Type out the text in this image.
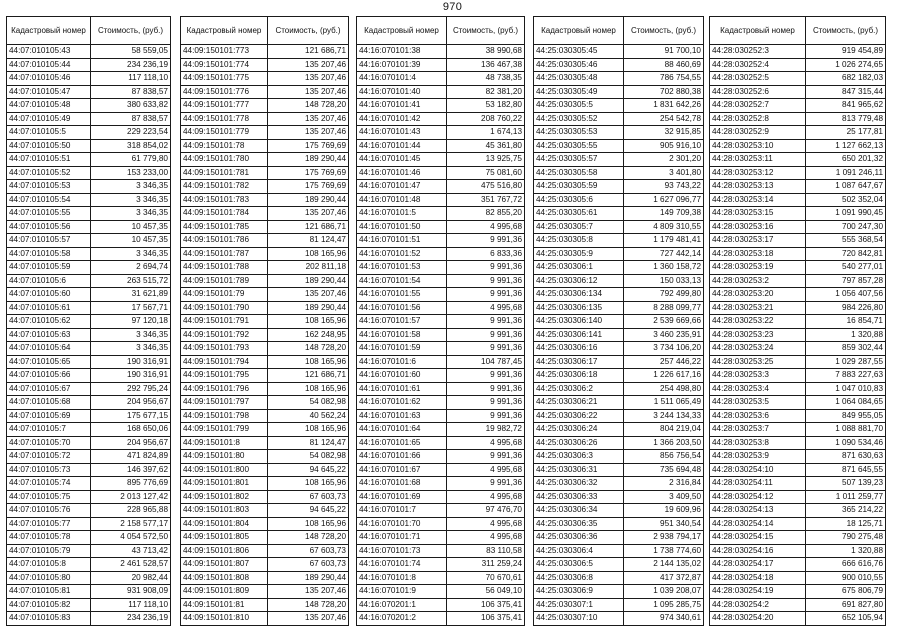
970
Кадастровый номер	Стоимость, (руб.)
44:07:010105:43	58 559,05
44:07:010105:44	234 236,19
44:07:010105:46	117 118,10
44:07:010105:47	87 838,57
44:07:010105:48	380 633,82
44:07:010105:49	87 838,57
44:07:010105:5	229 223,54
44:07:010105:50	318 854,02
44:07:010105:51	61 779,80
44:07:010105:52	153 233,00
44:07:010105:53	3 346,35
44:07:010105:54	3 346,35
44:07:010105:55	3 346,35
44:07:010105:56	10 457,35
44:07:010105:57	10 457,35
44:07:010105:58	3 346,35
44:07:010105:59	2 694,74
44:07:010105:6	263 515,72
44:07:010105:60	31 621,89
44:07:010105:61	17 567,71
44:07:010105:62	97 120,18
44:07:010105:63	3 346,35
44:07:010105:64	3 346,35
44:07:010105:65	190 316,91
44:07:010105:66	190 316,91
44:07:010105:67	292 795,24
44:07:010105:68	204 956,67
44:07:010105:69	175 677,15
44:07:010105:7	168 650,06
44:07:010105:70	204 956,67
44:07:010105:72	471 824,89
44:07:010105:73	146 397,62
44:07:010105:74	895 776,69
44:07:010105:75	2 013 127,42
44:07:010105:76	228 965,88
44:07:010105:77	2 158 577,17
44:07:010105:78	4 054 572,50
44:07:010105:79	43 713,42
44:07:010105:8	2 461 528,57
44:07:010105:80	20 982,44
44:07:010105:81	931 908,09
44:07:010105:82	117 118,10
44:07:010105:83	234 236,19
Кадастровый номер	Стоимость, (руб.)
44:09:150101:773	121 686,71
44:09:150101:774	135 207,46
44:09:150101:775	135 207,46
44:09:150101:776	135 207,46
44:09:150101:777	148 728,20
44:09:150101:778	135 207,46
44:09:150101:779	135 207,46
44:09:150101:78	175 769,69
44:09:150101:780	189 290,44
44:09:150101:781	175 769,69
44:09:150101:782	175 769,69
44:09:150101:783	189 290,44
44:09:150101:784	135 207,46
44:09:150101:785	121 686,71
44:09:150101:786	81 124,47
44:09:150101:787	108 165,96
44:09:150101:788	202 811,18
44:09:150101:789	189 290,44
44:09:150101:79	135 207,46
44:09:150101:790	189 290,44
44:09:150101:791	108 165,96
44:09:150101:792	162 248,95
44:09:150101:793	148 728,20
44:09:150101:794	108 165,96
44:09:150101:795	121 686,71
44:09:150101:796	108 165,96
44:09:150101:797	54 082,98
44:09:150101:798	40 562,24
44:09:150101:799	108 165,96
44:09:150101:8	81 124,47
44:09:150101:80	54 082,98
44:09:150101:800	94 645,22
44:09:150101:801	108 165,96
44:09:150101:802	67 603,73
44:09:150101:803	94 645,22
44:09:150101:804	108 165,96
44:09:150101:805	148 728,20
44:09:150101:806	67 603,73
44:09:150101:807	67 603,73
44:09:150101:808	189 290,44
44:09:150101:809	135 207,46
44:09:150101:81	148 728,20
44:09:150101:810	135 207,46
Кадастровый номер	Стоимость, (руб.)
44:16:070101:38	38 990,68
44:16:070101:39	136 467,38
44:16:070101:4	48 738,35
44:16:070101:40	82 381,20
44:16:070101:41	53 182,80
44:16:070101:42	208 760,22
44:16:070101:43	1 674,13
44:16:070101:44	45 361,80
44:16:070101:45	13 925,75
44:16:070101:46	75 081,60
44:16:070101:47	475 516,80
44:16:070101:48	351 767,72
44:16:070101:5	82 855,20
44:16:070101:50	4 995,68
44:16:070101:51	9 991,36
44:16:070101:52	6 833,36
44:16:070101:53	9 991,36
44:16:070101:54	9 991,36
44:16:070101:55	9 991,36
44:16:070101:56	4 995,68
44:16:070101:57	9 991,36
44:16:070101:58	9 991,36
44:16:070101:59	9 991,36
44:16:070101:6	104 787,45
44:16:070101:60	9 991,36
44:16:070101:61	9 991,36
44:16:070101:62	9 991,36
44:16:070101:63	9 991,36
44:16:070101:64	19 982,72
44:16:070101:65	4 995,68
44:16:070101:66	9 991,36
44:16:070101:67	4 995,68
44:16:070101:68	9 991,36
44:16:070101:69	4 995,68
44:16:070101:7	97 476,70
44:16:070101:70	4 995,68
44:16:070101:71	4 995,68
44:16:070101:73	83 110,58
44:16:070101:74	311 259,24
44:16:070101:8	70 670,61
44:16:070101:9	56 049,10
44:16:070201:1	106 375,41
44:16:070201:2	106 375,41
Кадастровый номер	Стоимость, (руб.)
44:25:030305:45	91 700,10
44:25:030305:46	88 460,69
44:25:030305:48	786 754,55
44:25:030305:49	702 880,38
44:25:030305:5	1 831 642,26
44:25:030305:52	254 542,78
44:25:030305:53	32 915,85
44:25:030305:55	905 916,10
44:25:030305:57	2 301,20
44:25:030305:58	3 401,80
44:25:030305:59	93 743,22
44:25:030305:6	1 627 096,77
44:25:030305:61	149 709,38
44:25:030305:7	4 809 310,55
44:25:030305:8	1 179 481,41
44:25:030305:9	727 442,14
44:25:030306:1	1 360 158,72
44:25:030306:12	150 033,13
44:25:030306:134	792 499,80
44:25:030306:135	8 288 099,77
44:25:030306:140	2 539 669,66
44:25:030306:141	3 460 235,91
44:25:030306:16	3 734 106,20
44:25:030306:17	257 446,22
44:25:030306:18	1 226 617,16
44:25:030306:2	254 498,80
44:25:030306:21	1 511 065,49
44:25:030306:22	3 244 134,33
44:25:030306:24	804 219,04
44:25:030306:26	1 366 203,50
44:25:030306:3	856 756,54
44:25:030306:31	735 694,48
44:25:030306:32	2 316,84
44:25:030306:33	3 409,50
44:25:030306:34	19 609,96
44:25:030306:35	951 340,54
44:25:030306:36	2 938 794,17
44:25:030306:4	1 738 774,60
44:25:030306:5	2 144 135,02
44:25:030306:8	417 372,87
44:25:030306:9	1 039 208,07
44:25:030307:1	1 095 285,75
44:25:030307:10	974 340,61
Кадастровый номер	Стоимость, (руб.)
44:28:030252:3	919 454,89
44:28:030252:4	1 026 274,65
44:28:030252:5	682 182,03
44:28:030252:6	847 315,44
44:28:030252:7	841 965,62
44:28:030252:8	813 779,48
44:28:030252:9	25 177,81
44:28:030253:10	1 127 662,13
44:28:030253:11	650 201,32
44:28:030253:12	1 091 246,11
44:28:030253:13	1 087 647,67
44:28:030253:14	502 352,04
44:28:030253:15	1 091 990,45
44:28:030253:16	700 247,30
44:28:030253:17	555 368,54
44:28:030253:18	720 842,81
44:28:030253:19	540 277,01
44:28:030253:2	797 857,28
44:28:030253:20	1 056 407,56
44:28:030253:21	984 226,80
44:28:030253:22	16 854,71
44:28:030253:23	1 320,88
44:28:030253:24	859 302,44
44:28:030253:25	1 029 287,55
44:28:030253:3	7 883 227,63
44:28:030253:4	1 047 010,83
44:28:030253:5	1 064 084,65
44:28:030253:6	849 955,05
44:28:030253:7	1 088 881,70
44:28:030253:8	1 090 534,46
44:28:030253:9	871 630,63
44:28:030254:10	871 645,55
44:28:030254:11	507 139,23
44:28:030254:12	1 011 259,77
44:28:030254:13	365 214,22
44:28:030254:14	18 125,71
44:28:030254:15	790 275,48
44:28:030254:16	1 320,88
44:28:030254:17	666 616,76
44:28:030254:18	900 010,55
44:28:030254:19	675 806,79
44:28:030254:2	691 827,80
44:28:030254:20	652 105,94
